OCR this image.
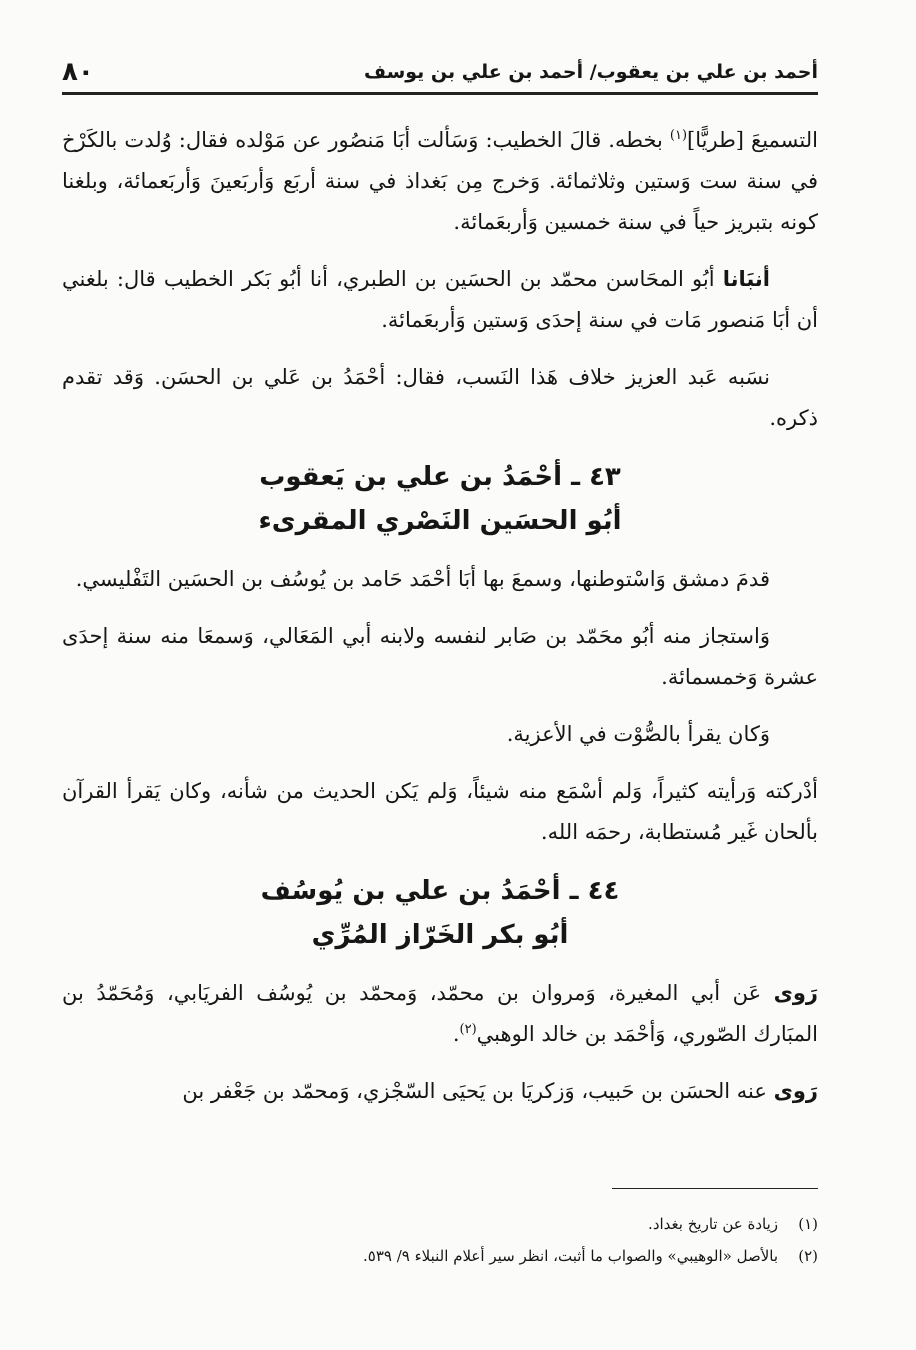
أحمد بن علي بن يعقوب/ أحمد بن علي بن يوسف
٨٠

التسميعَ [طريًّا]$^{(١)}$ بخطه. قالَ الخطيب: وَسَألت أبَا مَنصُور عن مَوْلده فقال: وُلدت بالكَرْخ في سنة ست وَستين وثلاثمائة. وَخرج مِن بَغداذ في سنة أربَع وَأربَعينَ وَأربَعمائة، وبلغنا كونه بتبريز حياً في سنة خمسين وَأربعَمائة.

أنبَانا أبُو المحَاسن محمّد بن الحسَين بن الطبري، أنا أبُو بَكر الخطيب قال: بلغني أن أبَا مَنصور مَات في سنة إحدَى وَستين وَأربعَمائة.

نسَبه عَبد العزيز خلاف هَذا النَسب، فقال: أحْمَدُ بن عَلي بن الحسَن. وَقد تقدم ذكره.

٤٣ ـ أحْمَدُ بن علي بن يَعقوب
أبُو الحسَين النَصْري المقرىء

قدمَ دمشق وَاسْتوطنها، وسمعَ بها أبَا أحْمَد حَامد بن يُوسُف بن الحسَين التَفْليسي.

وَاستجاز منه أبُو محَمّد بن صَابر لنفسه ولابنه أبي المَعَالي، وَسمعَا منه سنة إحدَى عشرة وَخمسمائة.

وَكان يقرأ بالصُّوْت في الأعزية.

أدْركته وَرأيته كثيراً، وَلم أسْمَع منه شيئاً، وَلم يَكن الحديث من شأنه، وكان يَقرأ القرآن بألحان غَير مُستطابة، رحمَه الله.

٤٤ ـ أحْمَدُ بن علي بن يُوسُف
أبُو بكر الخَرّاز المُرِّي

رَوى عَن أبي المغيرة، وَمروان بن محمّد، وَمحمّد بن يُوسُف الفريَابي، وَمُحَمّدُ بن المبَارك الصّوري، وَأحْمَد بن خالد الوهبي$^{(٢)}$.

رَوى عنه الحسَن بن حَبيب، وَزكريَا بن يَحيَى السّجْزي، وَمحمّد بن جَعْفر بن

(١)زيادة عن تاريخ بغداد.
(٢)بالأصل «الوهيبي» والصواب ما أثبت، انظر سير أعلام النبلاء ٩/ ٥٣٩.
